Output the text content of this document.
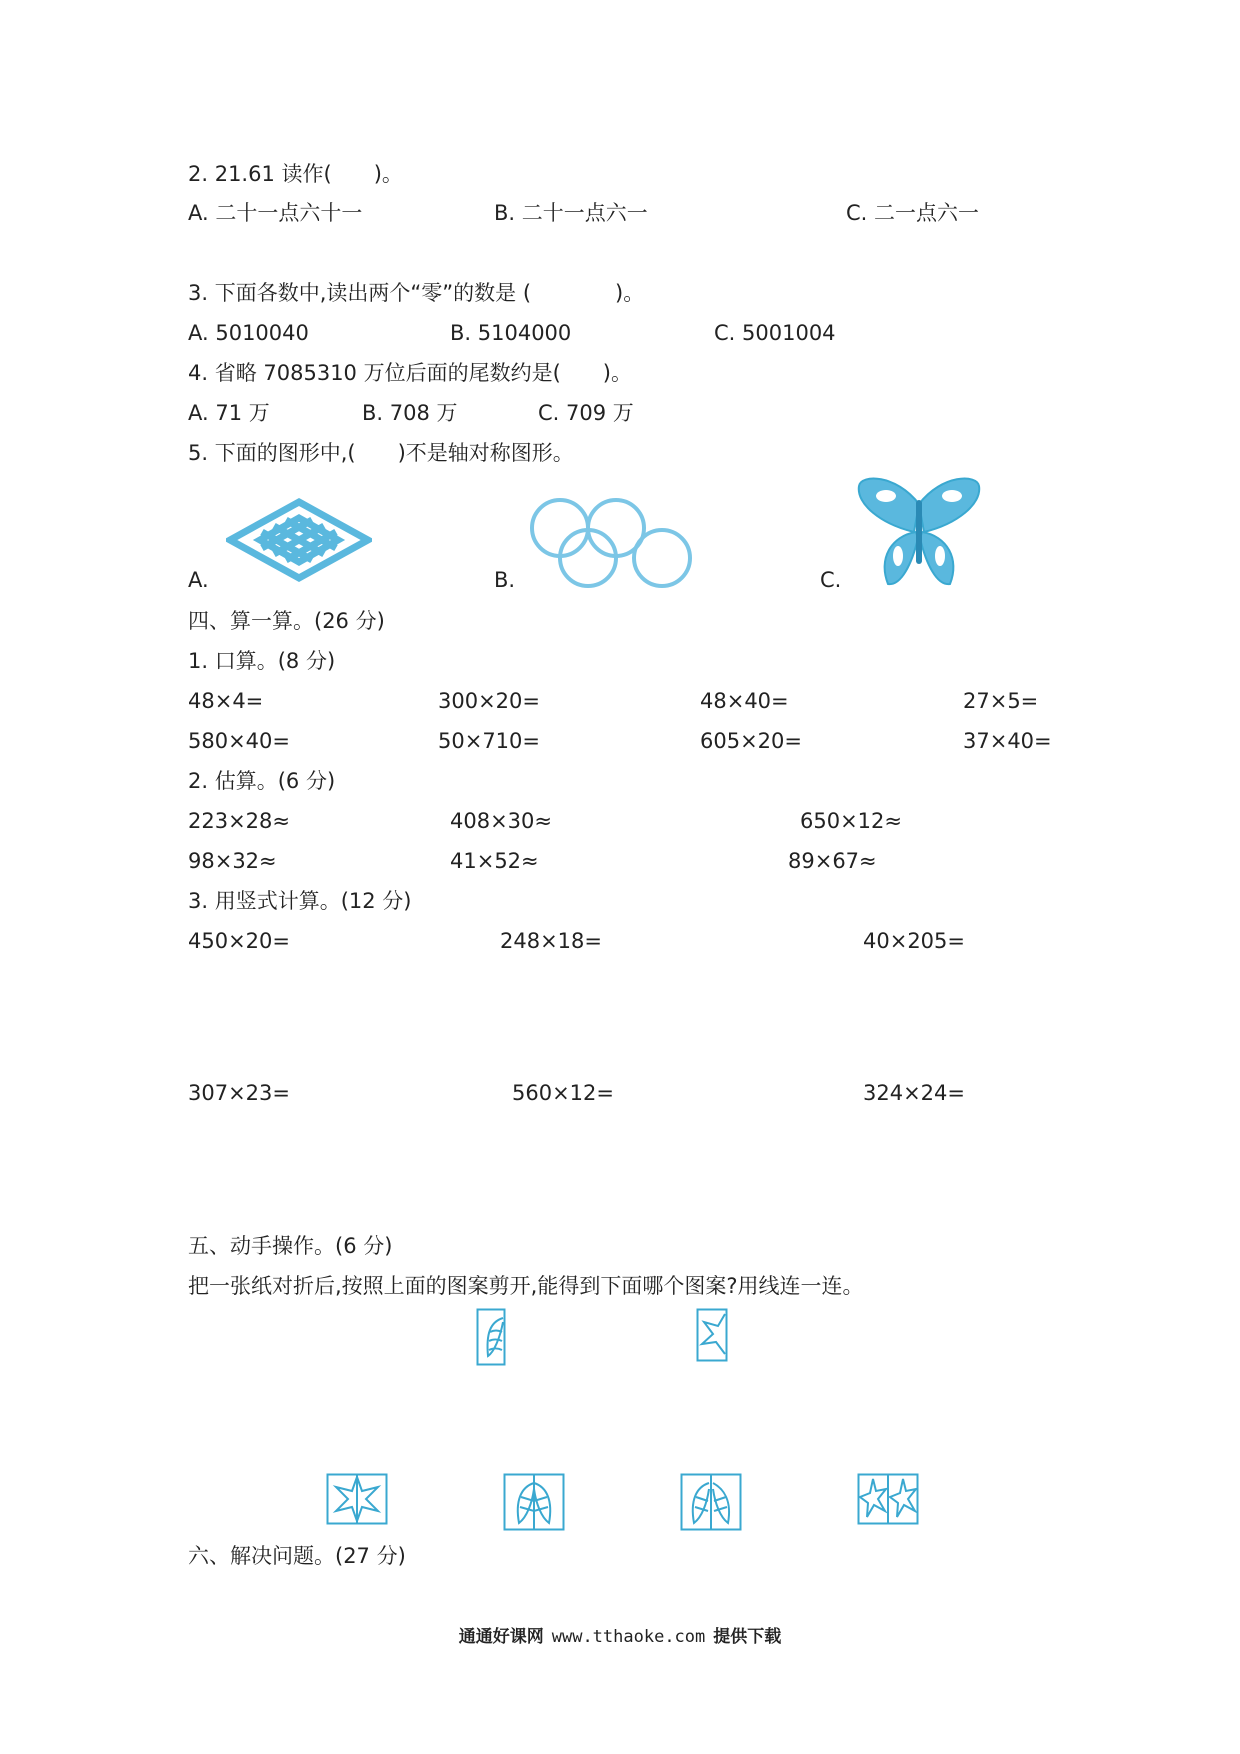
2. 21.61 读作(　　)。
A. 二十一点六十一	B. 二十一点六一	C. 二一点六一
3. 下面各数中,读出两个“零”的数是 (　　　　)。
A. 5010040	B. 5104000	C. 5001004
4. 省略 7085310 万位后面的尾数约是(　　)。
A. 71 万	B. 708 万	C. 709 万
5. 下面的图形中,(　　)不是轴对称图形。
A.	B.	C.
四、算一算。(26 分)
1. 口算。(8 分)
48×4=	300×20=	48×40=	27×5=
580×40=	50×710=	605×20=	37×40=
2. 估算。(6 分)
223×28≈	408×30≈	650×12≈
98×32≈	41×52≈	89×67≈
3. 用竖式计算。(12 分)
450×20=	248×18=	40×205=
307×23=	560×12=	324×24=
五、动手操作。(6 分)
把一张纸对折后,按照上面的图案剪开,能得到下面哪个图案?用线连一连。
六、解决问题。(27 分)
通通好课网 www.tthaoke.com 提供下载
